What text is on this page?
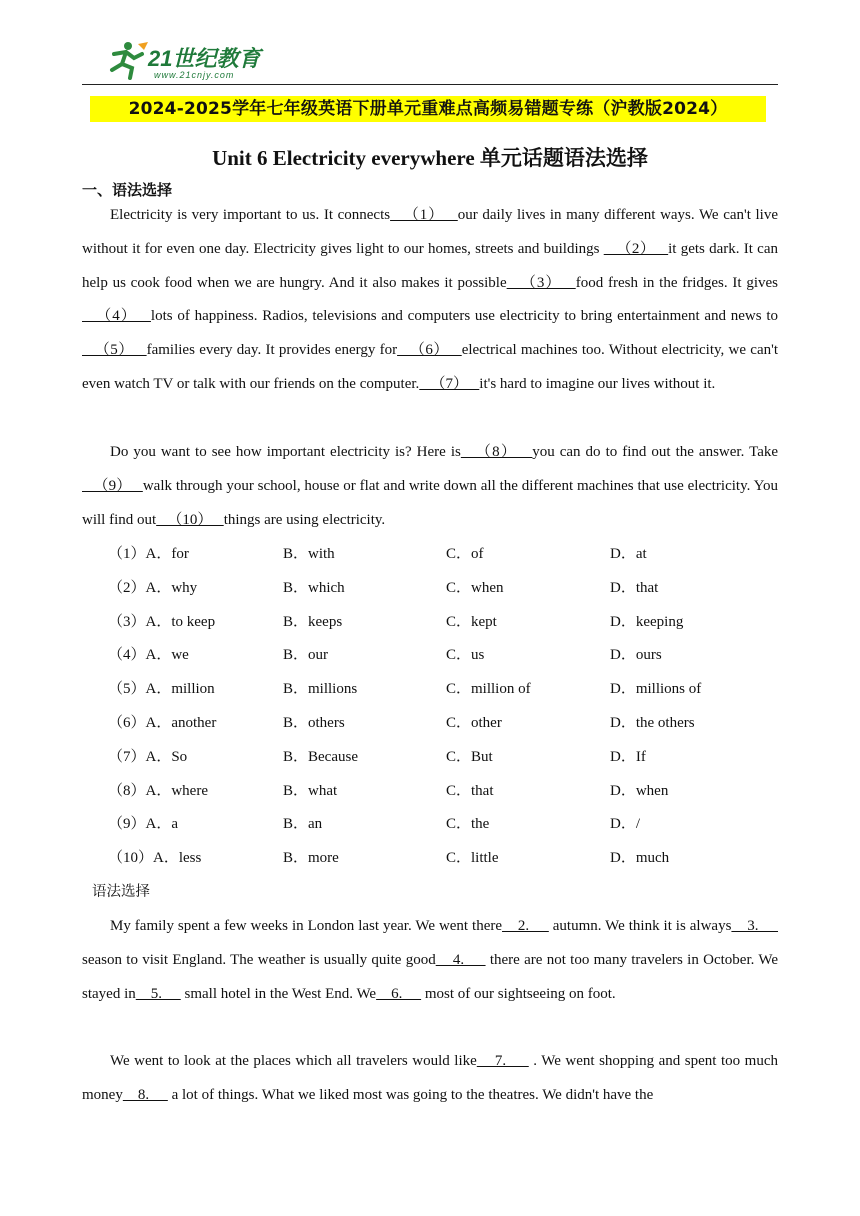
21世纪教育
www.21cnjy.com
2024-2025学年七年级英语下册单元重难点高频易错题专练（沪教版2024）
Unit 6 Electricity everywhere 单元话题语法选择
一、语法选择

Electricity is very important to us. It connects   （1）   our daily lives in many different ways. We can't live without it for even one day. Electricity gives light to our homes, streets and buildings    （2）   it gets dark. It can help us cook food when we are hungry. And it also makes it possible   （3）   food fresh in the fridges. It gives   （4）   lots of happiness. Radios, televisions and computers use electricity to bring entertainment and news to   （5）   families every day. It provides energy for   （6）   electrical machines too. Without electricity, we can't even watch TV or talk with our friends on the computer.   （7）   it's hard to imagine our lives without it.

Do you want to see how important electricity is? Here is   （8）   you can do to find out the answer. Take   （9）   walk through your school, house or flat and write down all the different machines that use electricity. You will find out   （10）   things are using electricity.

（1）A．for	B．with	C．of	D．at
（2）A．why	B．which	C．when	D．that
（3）A．to keep	B．keeps	C．kept	D．keeping
（4）A．we	B．our	C．us	D．ours
（5）A．million	B．millions	C．million of	D．millions of
（6）A．another	B．others	C．other	D．the others
（7）A．So	B．Because	C．But	D．If
（8）A．where	B．what	C．that	D．when
（9）A．a	B．an	C．the	D．/
（10）A．less	B．more	C．little	D．much
语法选择

My family spent a few weeks in London last year. We went there    2.      autumn. We think it is always    3.      season to visit England. The weather is usually quite good    4.      there are not too many travelers in October. We stayed in    5.      small hotel in the West End. We    6.      most of our sightseeing on foot.

We went to look at the places which all travelers would like    7.      . We went shopping and spent too much money    8.      a lot of things. What we liked most was going to the theatres. We didn't have the
